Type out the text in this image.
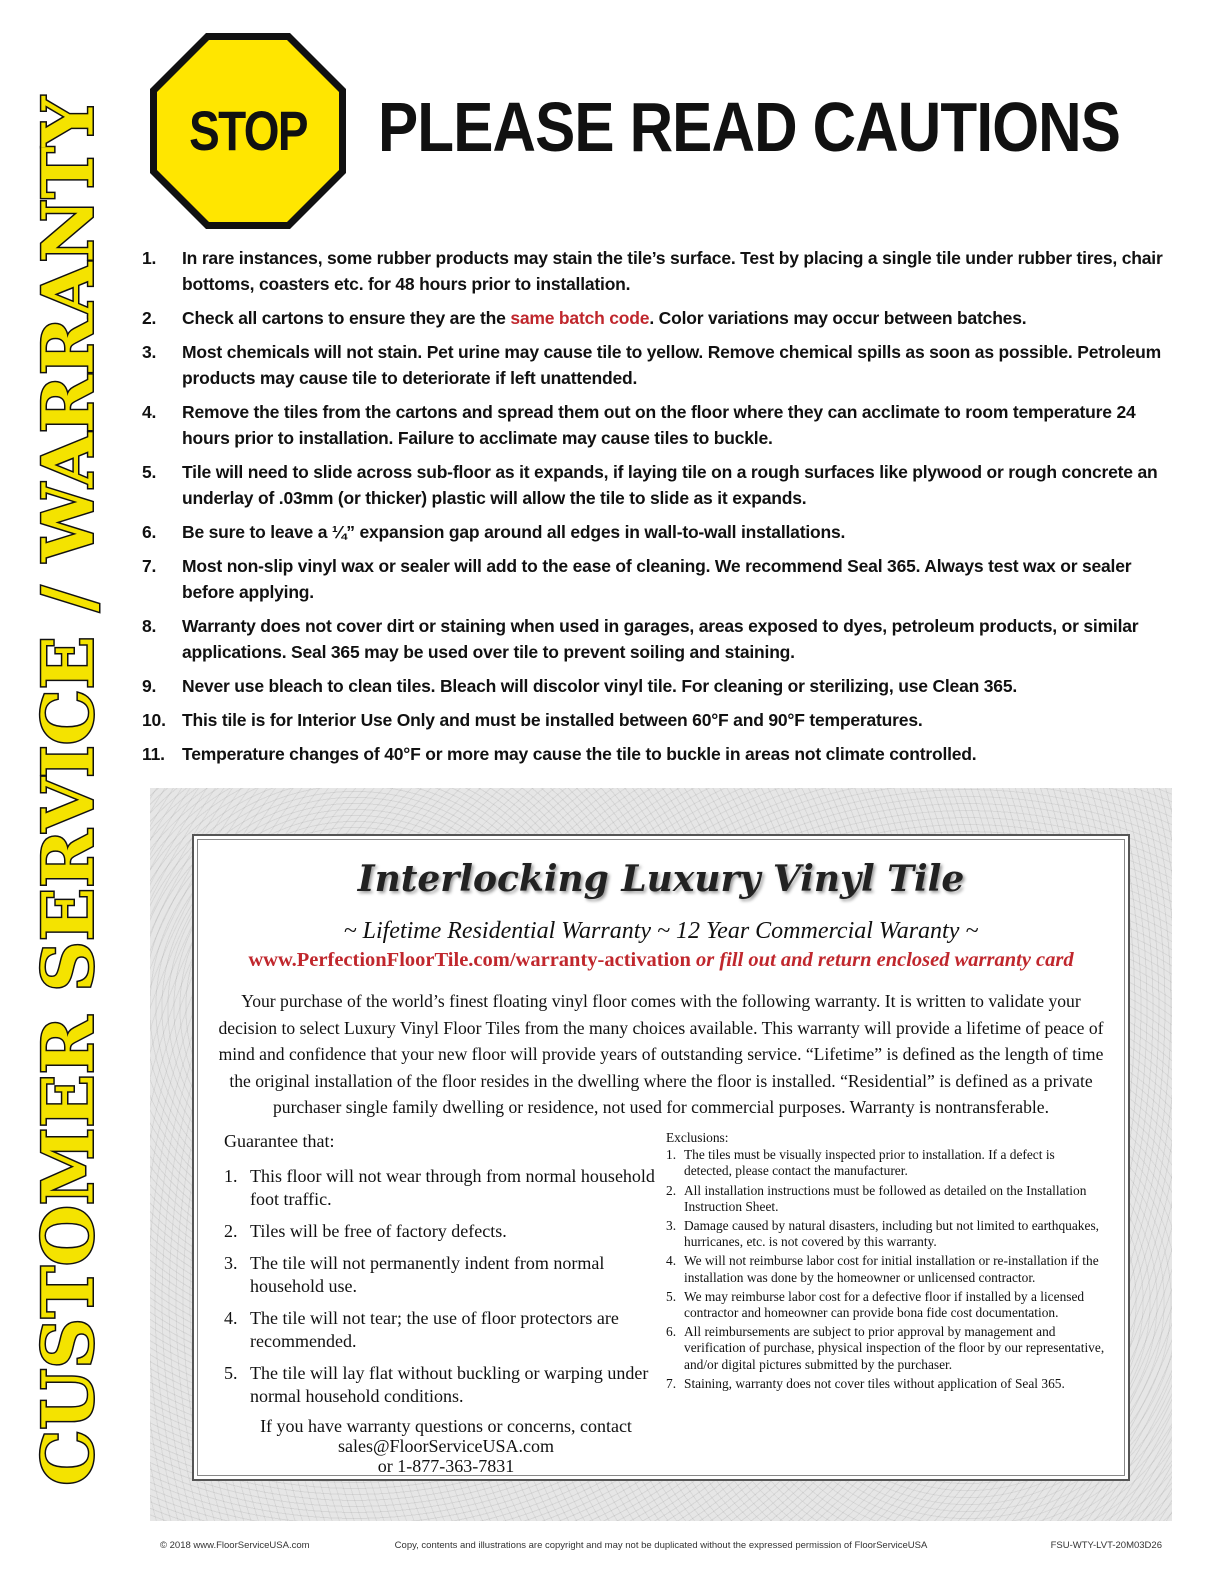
CUSTOMER SERVICE / WARRANTY	STOP	PLEASE READ CAUTIONS
1.	In rare instances, some rubber products may stain the tile’s surface. Test by placing a single tile under rubber tires, chair bottoms, coasters etc. for 48 hours prior to installation.
2.	Check all cartons to ensure they are the same batch code. Color variations may occur between batches.
3.	Most chemicals will not stain. Pet urine may cause tile to yellow. Remove chemical spills as soon as possible. Petroleum products may cause tile to deteriorate if left unattended.
4.	Remove the tiles from the cartons and spread them out on the floor where they can acclimate to room temperature 24 hours prior to installation. Failure to acclimate may cause tiles to buckle.
5.	Tile will need to slide across sub-floor as it expands, if laying tile on a rough surfaces like plywood or rough concrete an underlay of .03mm (or thicker) plastic will allow the tile to slide as it expands.
6.	Be sure to leave a ¼” expansion gap around all edges in wall-to-wall installations.
7.	Most non-slip vinyl wax or sealer will add to the ease of cleaning. We recommend Seal 365. Always test wax or sealer before applying.
8.	Warranty does not cover dirt or staining when used in garages, areas exposed to dyes, petroleum products, or similar applications. Seal 365 may be used over tile to prevent soiling and staining.
9.	Never use bleach to clean tiles. Bleach will discolor vinyl tile. For cleaning or sterilizing, use Clean 365.
10. This tile is for Interior Use Only and must be installed between 60°F and 90°F temperatures.
11. Temperature changes of 40°F or more may cause the tile to buckle in areas not climate controlled.
Interlocking Luxury Vinyl Tile
~ Lifetime Residential Warranty ~ 12 Year Commercial Waranty ~
www.PerfectionFloorTile.com/warranty-activation or fill out and return enclosed warranty card
Your purchase of the world’s finest floating vinyl floor comes with the following warranty. It is written to validate your decision to select Luxury Vinyl Floor Tiles from the many choices available. This warranty will provide a lifetime of peace of mind and confidence that your new floor will provide years of outstanding service. “Lifetime” is defined as the length of time the original installation of the floor resides in the dwelling where the floor is installed. “Residential” is defined as a private purchaser single family dwelling or residence, not used for commercial purposes. Warranty is nontransferable.
Guarantee that:
1. This floor will not wear through from normal household foot traffic.
2. Tiles will be free of factory defects.
3. The tile will not permanently indent from normal household use.
4. The tile will not tear; the use of floor protectors are recommended.
5. The tile will lay flat without buckling or warping under normal household conditions.
If you have warranty questions or concerns, contact
sales@FloorServiceUSA.com
or 1-877-363-7831
Exclusions:
1. The tiles must be visually inspected prior to installation. If a defect is detected, please contact the manufacturer.
2. All installation instructions must be followed as detailed on the Installation Instruction Sheet.
3. Damage caused by natural disasters, including but not limited to earthquakes, hurricanes, etc. is not covered by this warranty.
4. We will not reimburse labor cost for initial installation or re-installation if the installation was done by the homeowner or unlicensed contractor.
5. We may reimburse labor cost for a defective floor if installed by a licensed contractor and homeowner can provide bona fide cost documentation.
6. All reimbursements are subject to prior approval by management and verification of purchase, physical inspection of the floor by our representative, and/or digital pictures submitted by the purchaser.
7. Staining, warranty does not cover tiles without application of Seal 365.
© 2018 www.FloorServiceUSA.com	Copy, contents and illustrations are copyright and may not be duplicated without the expressed permission of FloorServiceUSA	FSU-WTY-LVT-20M03D26
